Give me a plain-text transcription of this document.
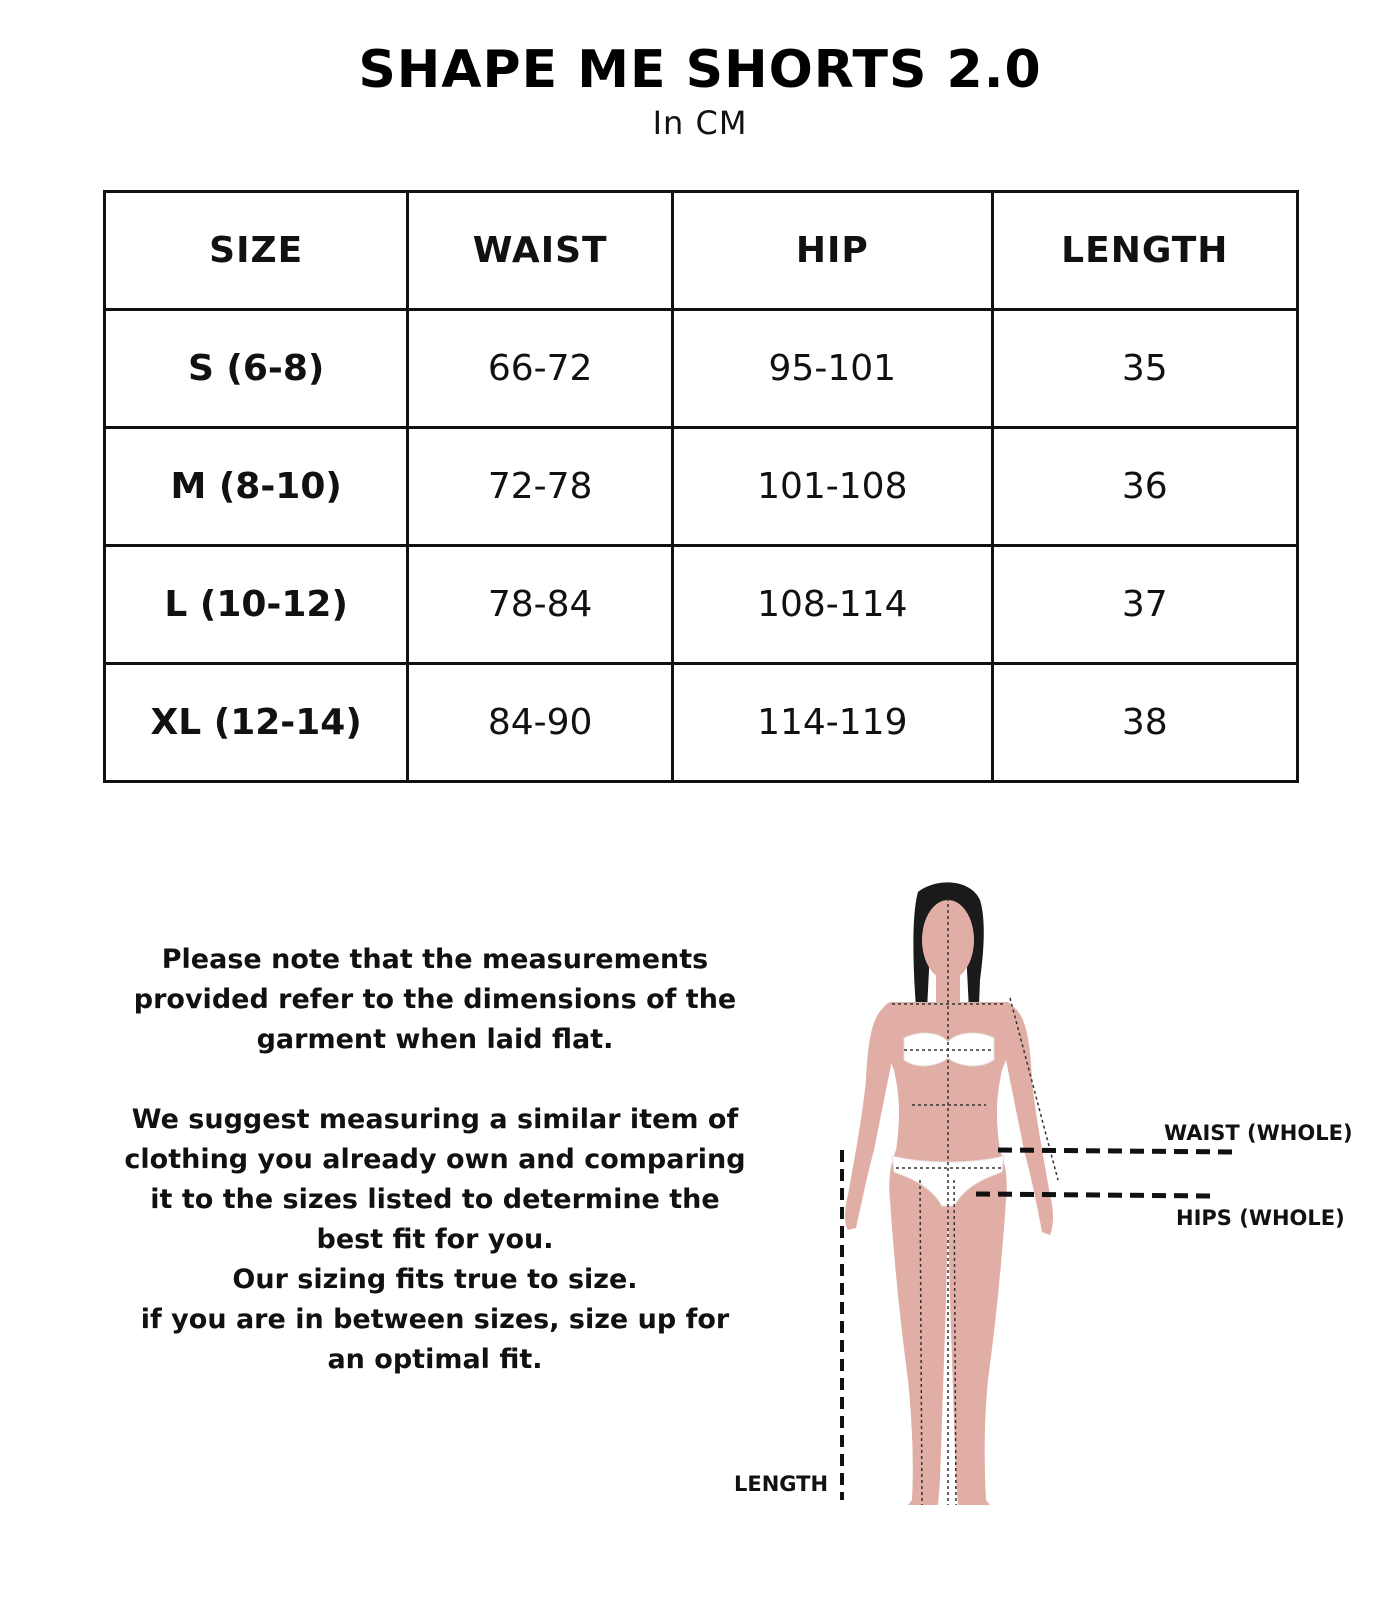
SHAPE ME SHORTS 2.0
In CM
SIZE	WAIST	HIP	LENGTH
S (6-8)	66-72	95-101	35
M (8-10)	72-78	101-108	36
L (10-12)	78-84	108-114	37
XL (12-14)	84-90	114-119	38

Please note that the measurements provided refer to the dimensions of the garment when laid flat.

We suggest measuring a similar item of clothing you already own and comparing it to the sizes listed to determine the best fit for you.
Our sizing fits true to size.
if you are in between sizes, size up for an optimal fit.
WAIST (WHOLE)
HIPS (WHOLE)
LENGTH
